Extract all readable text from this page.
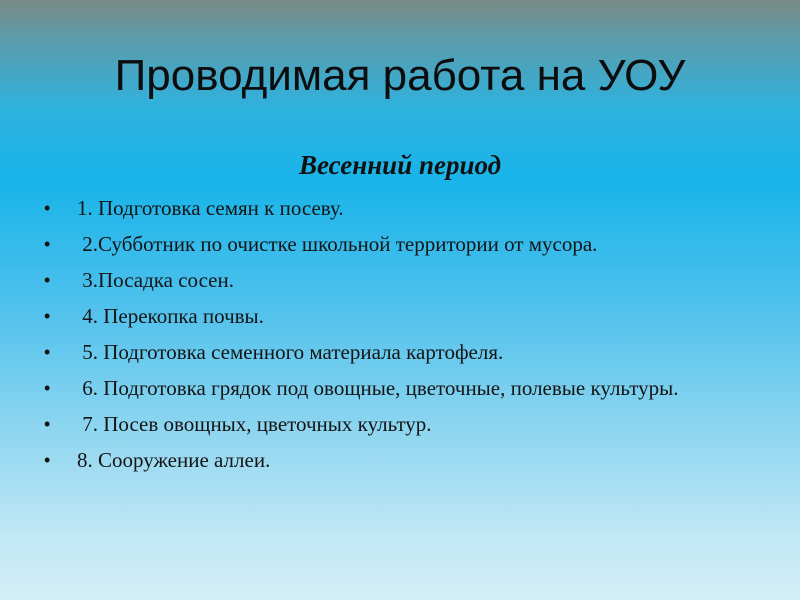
Проводимая работа на УОУ
Весенний период
• 1. Подготовка семян к посеву.
• 2.Субботник по очистке школьной территории от мусора.
• 3.Посадка сосен.
• 4. Перекопка почвы.
• 5. Подготовка семенного материала картофеля.
• 6. Подготовка грядок под овощные, цветочные, полевые культуры.
• 7. Посев овощных, цветочных культур.
• 8. Сооружение аллеи.
